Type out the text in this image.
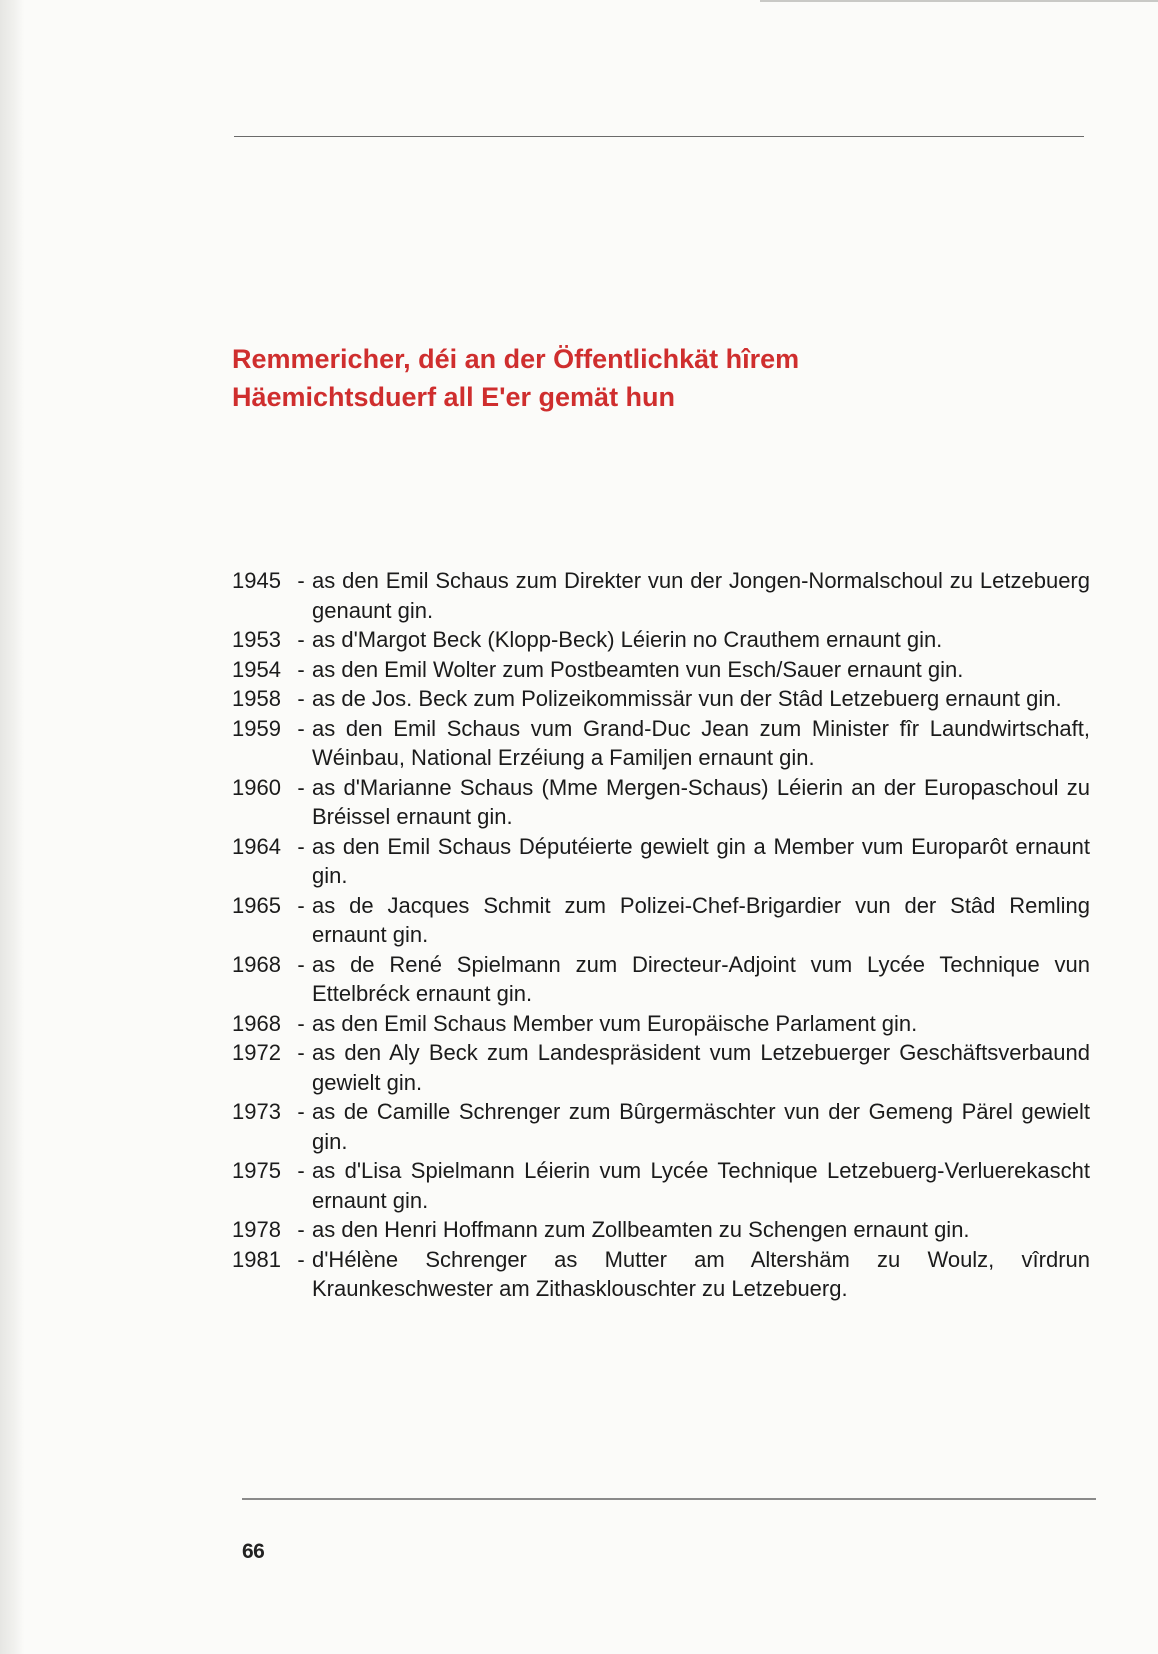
Remmericher, déi an der Öffentlichkät hîrem
Häemichtsduerf all E'er gemät hun
1945 - as den Emil Schaus zum Direkter vun der Jongen-Normalschoul zu Letzebuerg genaunt gin.
1953 - as d'Margot Beck (Klopp-Beck) Léierin no Crauthem ernaunt gin.
1954 - as den Emil Wolter zum Postbeamten vun Esch/Sauer ernaunt gin.
1958 - as de Jos. Beck zum Polizeikommissär vun der Stâd Letzebuerg ernaunt gin.
1959 - as den Emil Schaus vum Grand-Duc Jean zum Minister fîr Laundwirtschaft, Wéinbau, National Erzéiung a Familjen ernaunt gin.
1960 - as d'Marianne Schaus (Mme Mergen-Schaus) Léierin an der Europaschoul zu Bréissel ernaunt gin.
1964 - as den Emil Schaus Députéierte gewielt gin a Member vum Europarôt ernaunt gin.
1965 - as de Jacques Schmit zum Polizei-Chef-Brigardier vun der Stâd Remling ernaunt gin.
1968 - as de René Spielmann zum Directeur-Adjoint vum Lycée Technique vun Ettelbréck ernaunt gin.
1968 - as den Emil Schaus Member vum Europäische Parlament gin.
1972 - as den Aly Beck zum Landespräsident vum Letzebuerger Geschäftsverbaund gewielt gin.
1973 - as de Camille Schrenger zum Bûrgermäschter vun der Gemeng Pärel gewielt gin.
1975 - as d'Lisa Spielmann Léierin vum Lycée Technique Letzebuerg-Verluerekascht ernaunt gin.
1978 - as den Henri Hoffmann zum Zollbeamten zu Schengen ernaunt gin.
1981 - d'Hélène Schrenger as Mutter am Altershäm zu Woulz, vîrdrun Kraunkeschwester am Zithasklouschter zu Letzebuerg.
66
